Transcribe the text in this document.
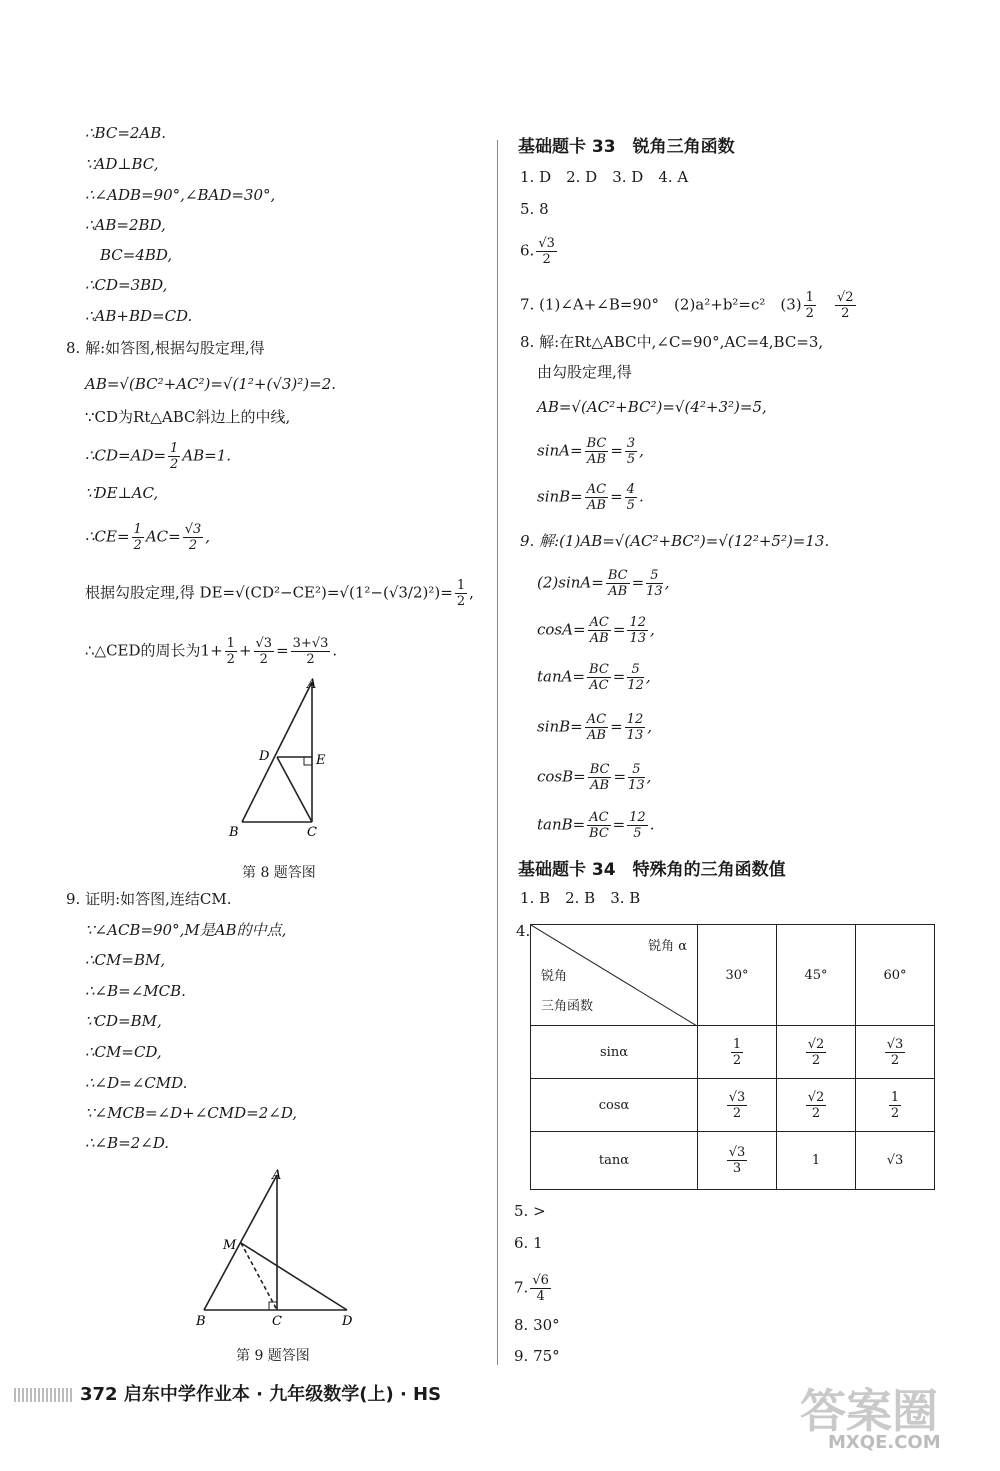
∴BC=2AB.
∵AD⊥BC,
∴∠ADB=90°,∠BAD=30°,
∴AB=2BD,
BC=4BD,
∴CD=3BD,
∴AB+BD=CD.
8. 解:如答图,根据勾股定理,得
AB=√(BC²+AC²)=√(1²+(√3)²)=2.
∵CD为Rt△ABC斜边上的中线,
∴CD=AD= $\frac{1}{2} AB=1$.
∵DE⊥AC,
∴CE= $\frac{1}{2} AC= \frac{√3}{2}$ ,
根据勾股定理,得 $DE=√(CD^2-CE^2)=√(1^2-(√3/2)^2)= \frac{1}{2}$ ,
∴△CED的周长为$1+ \frac{1}{2} + \frac{√3}{2} = \frac{3+√3}{2}$ .
A
D	E
B	C
第 8 题答图
9. 证明:如答图,连结CM.
∵∠ACB=90°,M是AB的中点,
∴CM=BM,
∴∠B=∠MCB.
∵CD=BM,
∴CM=CD,
∴∠D=∠CMD.
∵∠MCB=∠D+∠CMD=2∠D,
∴∠B=2∠D.
A
M
B	C	D
第 9 题答图
基础题卡 33　锐角三角函数
1. D　2. D　3. D　4. A
5. 8
6. $\frac{√3}{2}$
7. (1)∠A+∠B=90°　(2)a²+b²=c²　$(3) \frac{1}{2}$
　 $\frac{√2}{2}$
8. 解:在Rt△ABC中,∠C=90°,AC=4,BC=3,
由勾股定理,得
AB=√(AC²+BC²)=√(4²+3²)=5,
$\sin A= \frac{BC}{AB} = \frac{3}{5}$ ,
$\sin B= \frac{AC}{AB} = \frac{4}{5}$ .
9. 解:(1)AB=√(AC²+BC²)=√(12²+5²)=13.
$(2)\sin A= \frac{BC}{AB} = \frac{5}{13}$ ,
$\cos A= \frac{AC}{AB} = \frac{12}{13}$ ,
$\tan A= \frac{BC}{AC} = \frac{5}{12}$ ,
$\sin B= \frac{AC}{AB} = \frac{12}{13}$ ,
$\cos B= \frac{BC}{AB} = \frac{5}{13}$ ,
$\tan B= \frac{AC}{BC} = \frac{12}{5}$ .
基础题卡 34　特殊角的三角函数值
1. B　2. B　3. B
4.
锐角 α
锐角
三角函数	30°	45°	60°
sinα	$\frac{1}{2}$	$\frac{√2}{2}$	$\frac{√3}{2}$

cosα	$\frac{√3}{2}$	$\frac{√2}{2}$	$\frac{1}{2}$

tanα	$\frac{√3}{3}$	1	√3
5. >
6. 1
7. $\frac{√6}{4}$
8. 30°
9. 75°
372 启东中学作业本 · 九年级数学(上) · HS	答案圈
MXQE.COM
